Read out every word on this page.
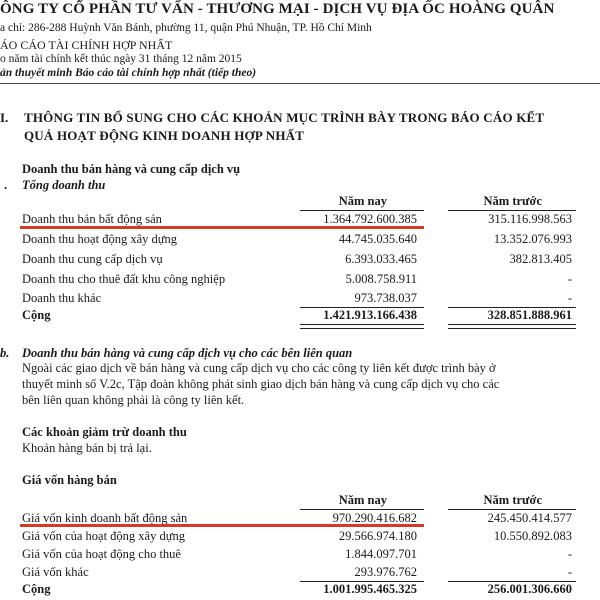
ÔNG TY CỔ PHẦN TƯ VẤN - THƯƠNG MẠI - DỊCH VỤ ĐỊA ỐC HOÀNG QUÂN
a chỉ: 286-288 Huỳnh Văn Bánh, phường 11, quận Phú Nhuận, TP. Hồ Chí Minh
ÁO CÁO TÀI CHÍNH HỢP NHẤT
o năm tài chính kết thúc ngày 31 tháng 12 năm 2015
ản thuyết minh Báo cáo tài chính hợp nhất (tiếp theo)
I. THÔNG TIN BỔ SUNG CHO CÁC KHOẢN MỤC TRÌNH BÀY TRONG BÁO CÁO KẾT
QUẢ HOẠT ĐỘNG KINH DOANH HỢP NHẤT
Doanh thu bán hàng và cung cấp dịch vụ
. Tổng doanh thu
Năm nay	Năm trước
Doanh thu bán bất động sản	1.364.792.600.385	315.116.998.563
Doanh thu hoạt động xây dựng	44.745.035.640	13.352.076.993
Doanh thu cung cấp dịch vụ	6.393.033.465	382.813.405
Doanh thu cho thuê đất khu công nghiệp	5.008.758.911	-
Doanh thu khác	973.738.037	-
Cộng	1.421.913.166.438	328.851.888.961
b. Doanh thu bán hàng và cung cấp dịch vụ cho các bên liên quan
Ngoài các giao dịch về bán hàng và cung cấp dịch vụ cho các công ty liên kết được trình bày ở
thuyết minh số V.2c, Tập đoàn không phát sinh giao dịch bán hàng và cung cấp dịch vụ cho các
bên liên quan không phải là công ty liên kết.
Các khoản giảm trừ doanh thu
Khoản hàng bán bị trả lại.
Giá vốn hàng bán
Năm nay	Năm trước
Giá vốn kinh doanh bất động sản	970.290.416.682	245.450.414.577
Giá vốn của hoạt động xây dựng	29.566.974.180	10.550.892.083
Giá vốn của hoạt động cho thuê	1.844.097.701	-
Giá vốn khác	293.976.762	-
Cộng	1.001.995.465.325	256.001.306.660
